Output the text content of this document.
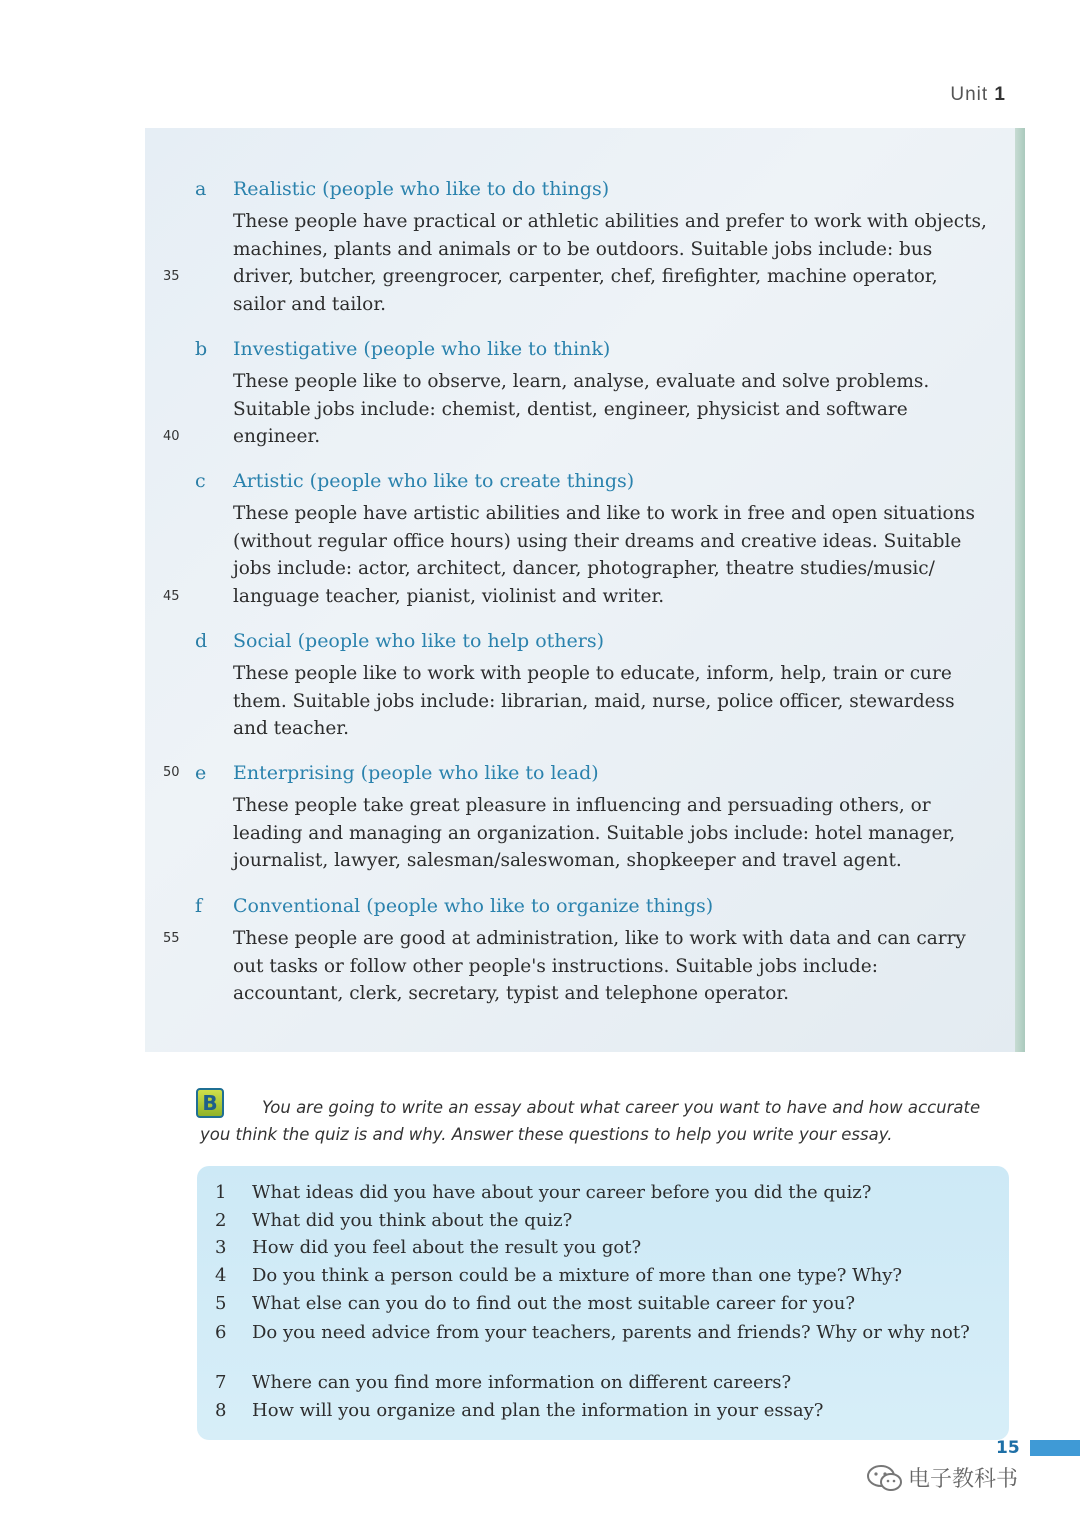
Unit 1
a Realistic (people who like to do things)
These people have practical or athletic abilities and prefer to work with objects, machines, plants and animals or to be outdoors. Suitable jobs include: bus driver, butcher, greengrocer, carpenter, chef, firefighter, machine operator, sailor and tailor.
b Investigative (people who like to think)
These people like to observe, learn, analyse, evaluate and solve problems. Suitable jobs include: chemist, dentist, engineer, physicist and software engineer.
c Artistic (people who like to create things)
These people have artistic abilities and like to work in free and open situations (without regular office hours) using their dreams and creative ideas. Suitable jobs include: actor, architect, dancer, photographer, theatre studies/music/ language teacher, pianist, violinist and writer.
d Social (people who like to help others)
These people like to work with people to educate, inform, help, train or cure them. Suitable jobs include: librarian, maid, nurse, police officer, stewardess and teacher.
e Enterprising (people who like to lead)
These people take great pleasure in influencing and persuading others, or leading and managing an organization. Suitable jobs include: hotel manager, journalist, lawyer, salesman/saleswoman, shopkeeper and travel agent.
f Conventional (people who like to organize things)
These people are good at administration, like to work with data and can carry out tasks or follow other people's instructions. Suitable jobs include: accountant, clerk, secretary, typist and telephone operator.
35
40
45
50
55
B	You are going to write an essay about what career you want to have and how accurate you think the quiz is and why. Answer these questions to help you write your essay.
1	What ideas did you have about your career before you did the quiz?
2	What did you think about the quiz?
3	How did you feel about the result you got?
4	Do you think a person could be a mixture of more than one type? Why?
5	What else can you do to find out the most suitable career for you?
6	Do you need advice from your teachers, parents and friends? Why or why not?
7	Where can you find more information on different careers?
8	How will you organize and plan the information in your essay?
15
电子教科书
